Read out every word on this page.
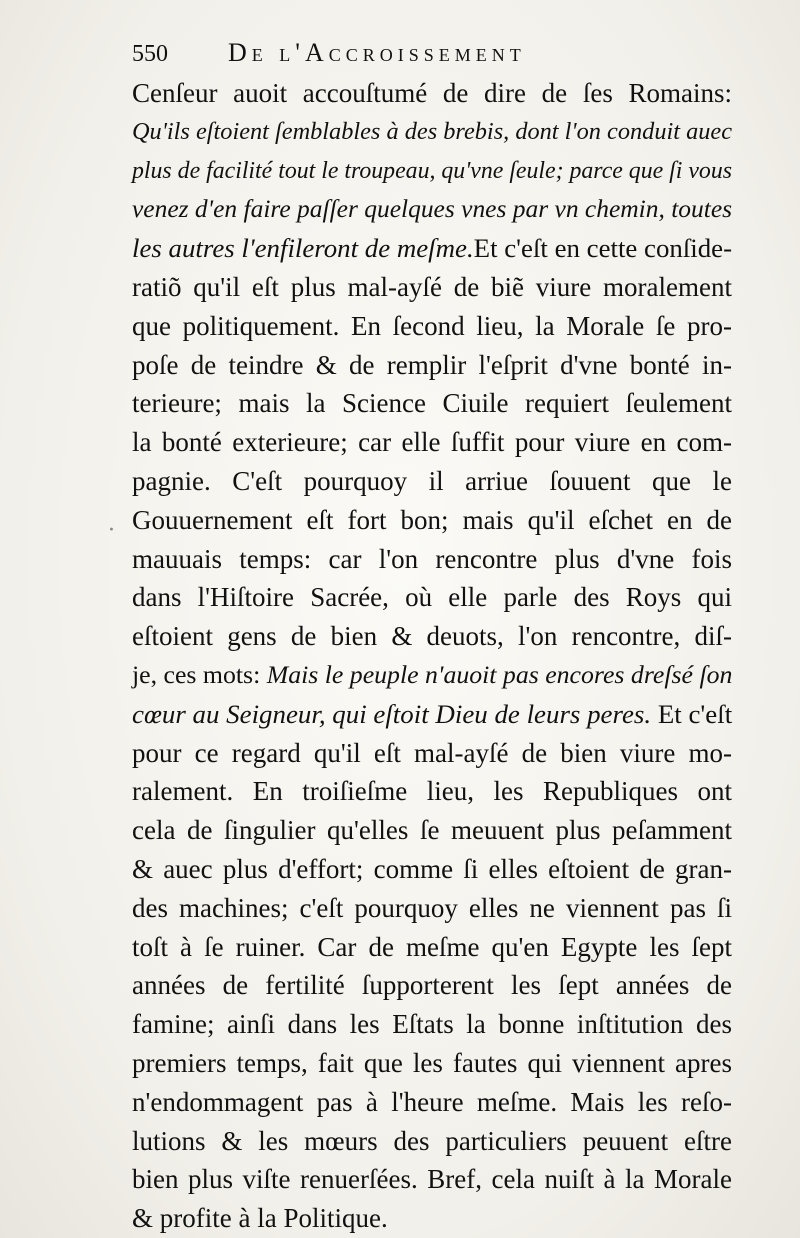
550 De l'Accroissement
Cenſeur auoit accouſtumé de dire de ſes Romains:
Qu'ils eſtoient ſemblables à des brebis, dont l'on conduit auec
plus de facilité tout le troupeau, qu'vne ſeule; parce que ſi vous
venez d'en faire paſſer quelques vnes par vn chemin, toutes
les autres l'enfileront de meſme.Et c'eſt en cette conſide-
ratiõ qu'il eſt plus mal-ayſé de biẽ viure moralement
que politiquement. En ſecond lieu, la Morale ſe pro-
poſe de teindre & de remplir l'eſprit d'vne bonté in-
terieure; mais la Science Ciuile requiert ſeulement
la bonté exterieure; car elle ſuffit pour viure en com-
pagnie. C'eſt pourquoy il arriue ſouuent que le
Gouuernement eſt fort bon; mais qu'il eſchet en de
mauuais temps: car l'on rencontre plus d'vne fois
dans l'Hiſtoire Sacrée, où elle parle des Roys qui
eſtoient gens de bien & deuots, l'on rencontre, diſ-
je, ces mots: Mais le peuple n'auoit pas encores dreſsé ſon
cœur au Seigneur, qui eſtoit Dieu de leurs peres. Et c'eſt
pour ce regard qu'il eſt mal-ayſé de bien viure mo-
ralement. En troiſieſme lieu, les Republiques ont
cela de ſingulier qu'elles ſe meuuent plus peſamment
& auec plus d'effort; comme ſi elles eſtoient de gran-
des machines; c'eſt pourquoy elles ne viennent pas ſi
toſt à ſe ruiner. Car de meſme qu'en Egypte les ſept
années de fertilité ſupporterent les ſept années de
famine; ainſi dans les Eſtats la bonne inſtitution des
premiers temps, fait que les fautes qui viennent apres
n'endommagent pas à l'heure meſme. Mais les reſo-
lutions & les mœurs des particuliers peuuent eſtre
bien plus viſte renuerſées. Bref, cela nuiſt à la Morale
& profite à la Politique.
·
